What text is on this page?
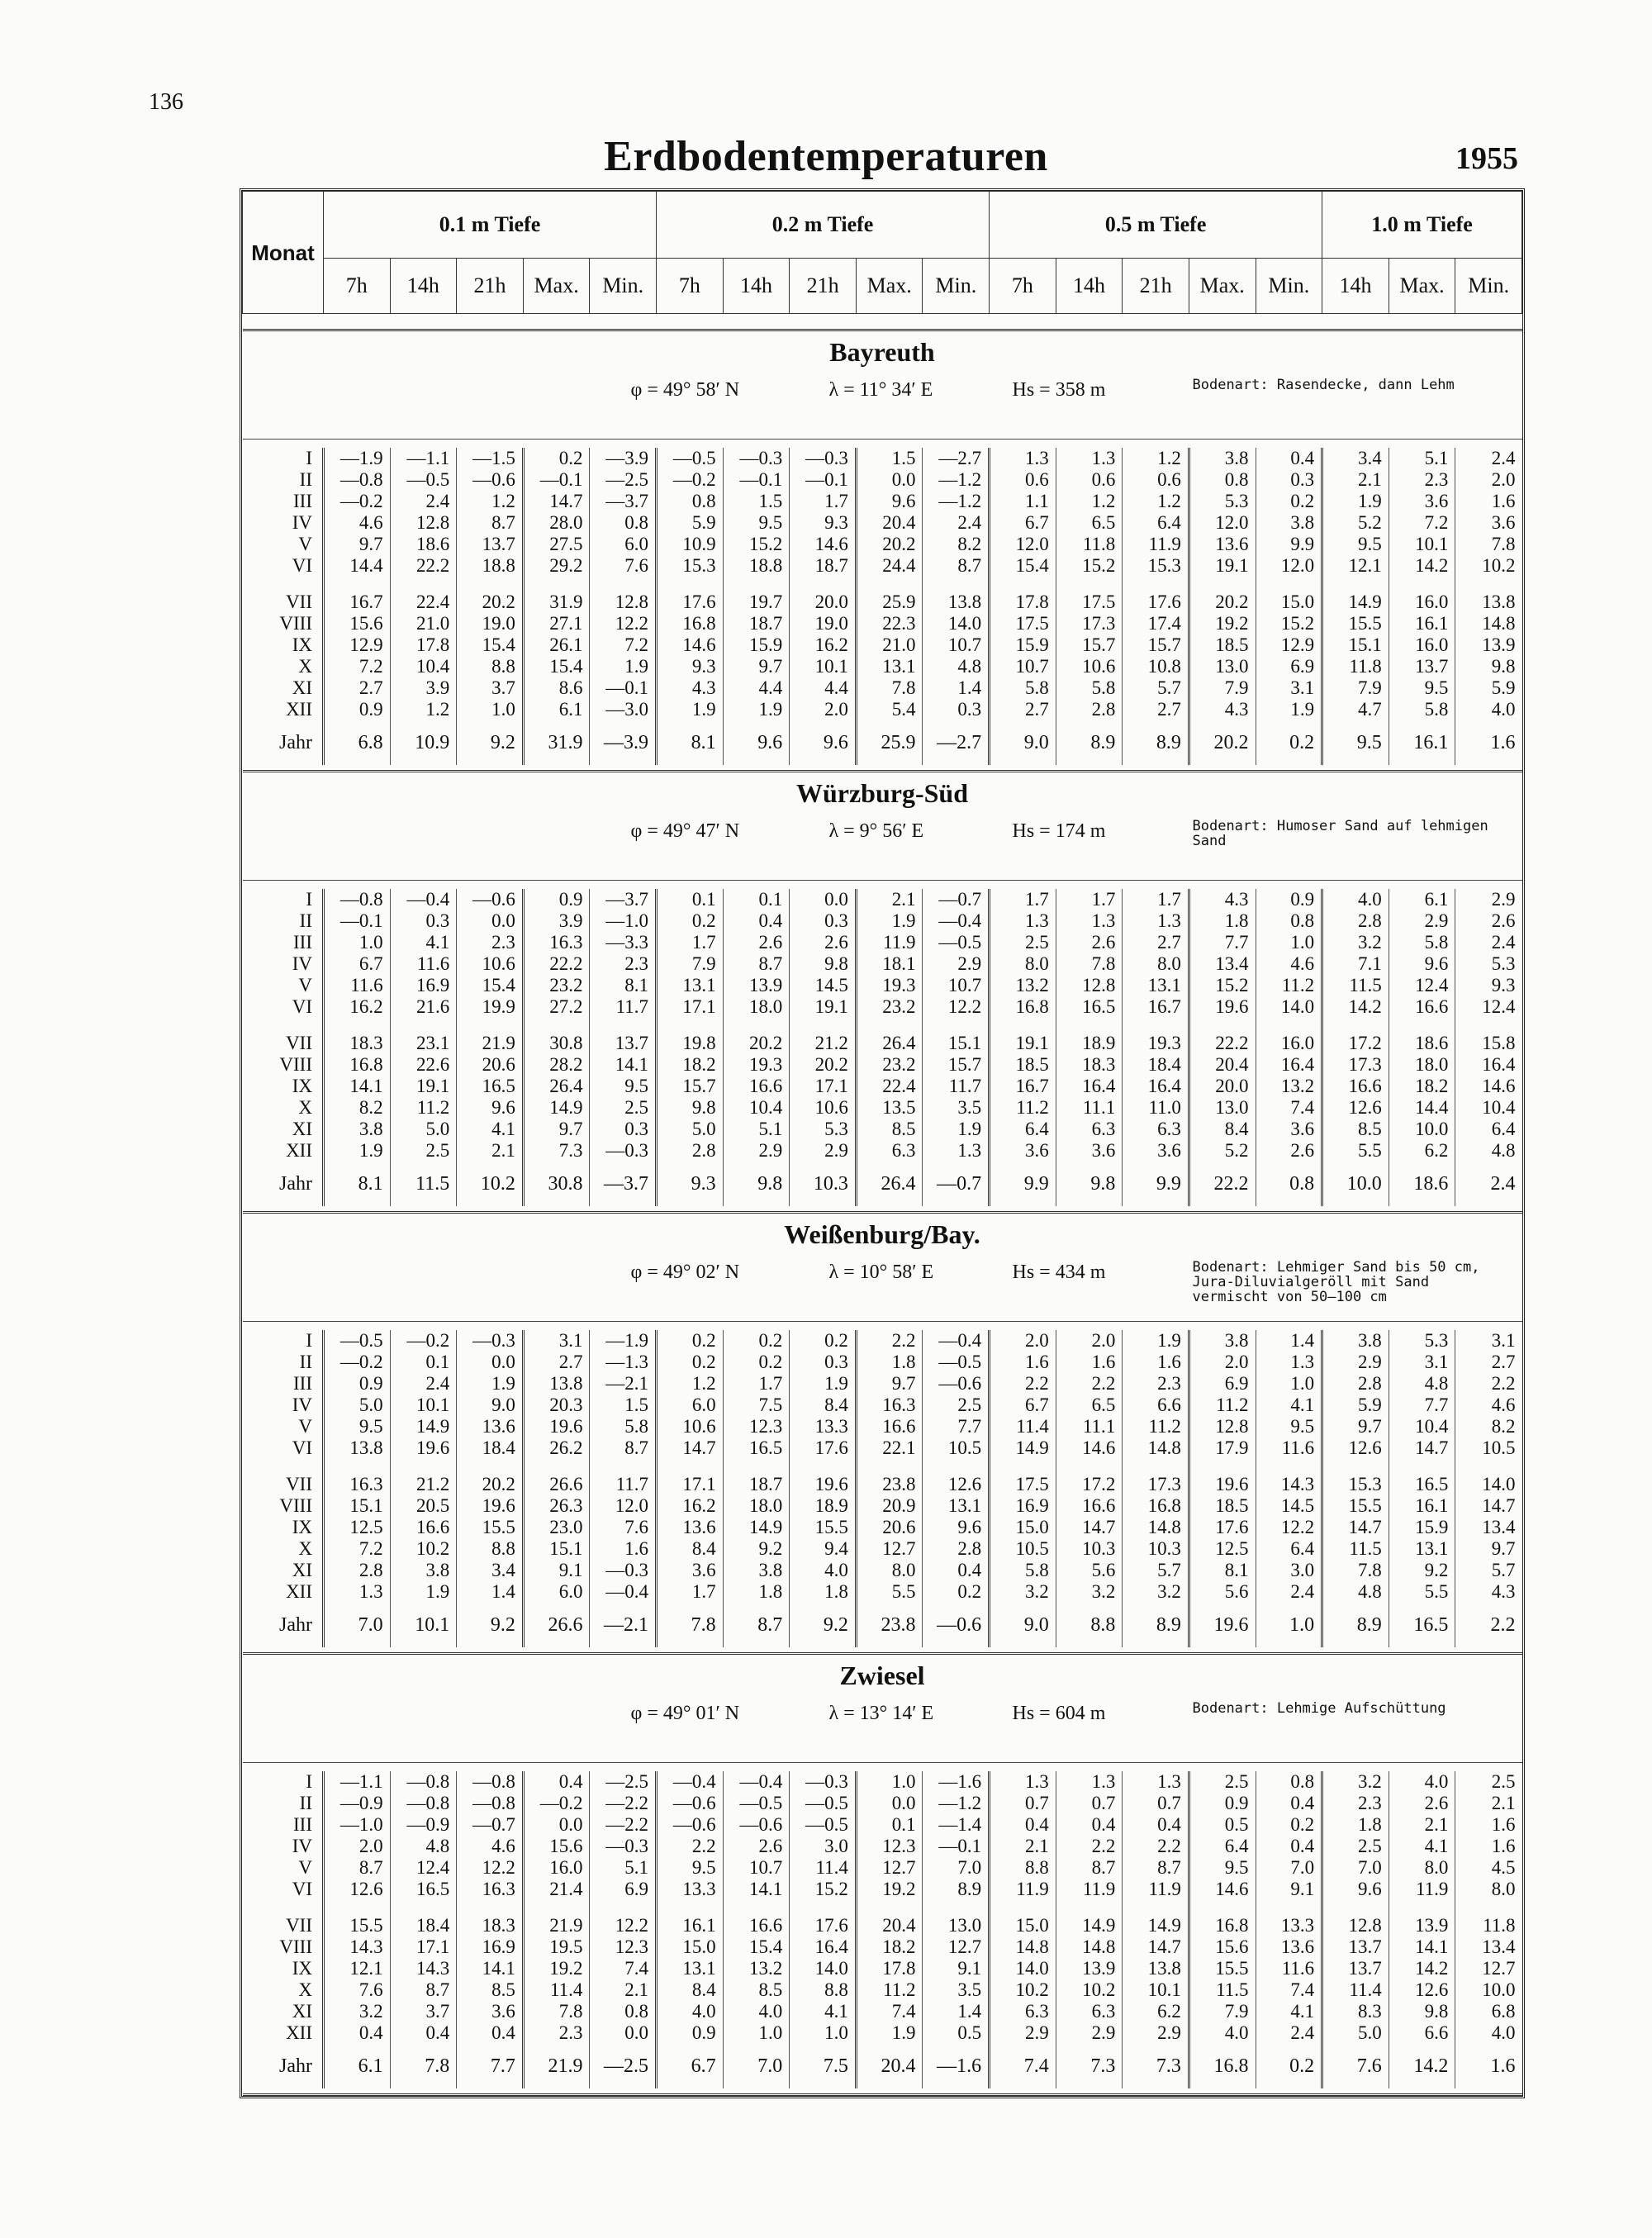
136
Erdbodentemperaturen	1955
Monat	0.1 m Tiefe					0.2 m Tiefe					0.5 m Tiefe					1.0 m Tiefe		
	7h	14h	21h	Max.	Min.	7h	14h	21h	Max.	Min.	7h	14h	21h	Max.	Min.	14h	Max.	Min.

Bayreuth
φ = 49° 58′ N λ = 11° 34′ E Hs = 358 m Bodenart: Rasendecke, dann Lehm																		

I	—1.9	—1.1	—1.5	0.2	—3.9	—0.5	—0.3	—0.3	1.5	—2.7	1.3	1.3	1.2	3.8	0.4	3.4	5.1	2.4
II	—0.8	—0.5	—0.6	—0.1	—2.5	—0.2	—0.1	—0.1	0.0	—1.2	0.6	0.6	0.6	0.8	0.3	2.1	2.3	2.0
III	—0.2	2.4	1.2	14.7	—3.7	0.8	1.5	1.7	9.6	—1.2	1.1	1.2	1.2	5.3	0.2	1.9	3.6	1.6
IV	4.6	12.8	8.7	28.0	0.8	5.9	9.5	9.3	20.4	2.4	6.7	6.5	6.4	12.0	3.8	5.2	7.2	3.6
V	9.7	18.6	13.7	27.5	6.0	10.9	15.2	14.6	20.2	8.2	12.0	11.8	11.9	13.6	9.9	9.5	10.1	7.8
VI	14.4	22.2	18.8	29.2	7.6	15.3	18.8	18.7	24.4	8.7	15.4	15.2	15.3	19.1	12.0	12.1	14.2	10.2
VII	16.7	22.4	20.2	31.9	12.8	17.6	19.7	20.0	25.9	13.8	17.8	17.5	17.6	20.2	15.0	14.9	16.0	13.8
VIII	15.6	21.0	19.0	27.1	12.2	16.8	18.7	19.0	22.3	14.0	17.5	17.3	17.4	19.2	15.2	15.5	16.1	14.8
IX	12.9	17.8	15.4	26.1	7.2	14.6	15.9	16.2	21.0	10.7	15.9	15.7	15.7	18.5	12.9	15.1	16.0	13.9
X	7.2	10.4	8.8	15.4	1.9	9.3	9.7	10.1	13.1	4.8	10.7	10.6	10.8	13.0	6.9	11.8	13.7	9.8
XI	2.7	3.9	3.7	8.6	—0.1	4.3	4.4	4.4	7.8	1.4	5.8	5.8	5.7	7.9	3.1	7.9	9.5	5.9
XII	0.9	1.2	1.0	6.1	—3.0	1.9	1.9	2.0	5.4	0.3	2.7	2.8	2.7	4.3	1.9	4.7	5.8	4.0
Jahr	6.8	10.9	9.2	31.9	—3.9	8.1	9.6	9.6	25.9	—2.7	9.0	8.9	8.9	20.2	0.2	9.5	16.1	1.6

Würzburg-Süd
φ = 49° 47′ N λ = 9° 56′ E Hs = 174 m Bodenart: Humoser Sand auf lehmigen Sand																		

I	—0.8	—0.4	—0.6	0.9	—3.7	0.1	0.1	0.0	2.1	—0.7	1.7	1.7	1.7	4.3	0.9	4.0	6.1	2.9
II	—0.1	0.3	0.0	3.9	—1.0	0.2	0.4	0.3	1.9	—0.4	1.3	1.3	1.3	1.8	0.8	2.8	2.9	2.6
III	1.0	4.1	2.3	16.3	—3.3	1.7	2.6	2.6	11.9	—0.5	2.5	2.6	2.7	7.7	1.0	3.2	5.8	2.4
IV	6.7	11.6	10.6	22.2	2.3	7.9	8.7	9.8	18.1	2.9	8.0	7.8	8.0	13.4	4.6	7.1	9.6	5.3
V	11.6	16.9	15.4	23.2	8.1	13.1	13.9	14.5	19.3	10.7	13.2	12.8	13.1	15.2	11.2	11.5	12.4	9.3
VI	16.2	21.6	19.9	27.2	11.7	17.1	18.0	19.1	23.2	12.2	16.8	16.5	16.7	19.6	14.0	14.2	16.6	12.4
VII	18.3	23.1	21.9	30.8	13.7	19.8	20.2	21.2	26.4	15.1	19.1	18.9	19.3	22.2	16.0	17.2	18.6	15.8
VIII	16.8	22.6	20.6	28.2	14.1	18.2	19.3	20.2	23.2	15.7	18.5	18.3	18.4	20.4	16.4	17.3	18.0	16.4
IX	14.1	19.1	16.5	26.4	9.5	15.7	16.6	17.1	22.4	11.7	16.7	16.4	16.4	20.0	13.2	16.6	18.2	14.6
X	8.2	11.2	9.6	14.9	2.5	9.8	10.4	10.6	13.5	3.5	11.2	11.1	11.0	13.0	7.4	12.6	14.4	10.4
XI	3.8	5.0	4.1	9.7	0.3	5.0	5.1	5.3	8.5	1.9	6.4	6.3	6.3	8.4	3.6	8.5	10.0	6.4
XII	1.9	2.5	2.1	7.3	—0.3	2.8	2.9	2.9	6.3	1.3	3.6	3.6	3.6	5.2	2.6	5.5	6.2	4.8
Jahr	8.1	11.5	10.2	30.8	—3.7	9.3	9.8	10.3	26.4	—0.7	9.9	9.8	9.9	22.2	0.8	10.0	18.6	2.4

Weißenburg/Bay.
φ = 49° 02′ N λ = 10° 58′ E Hs = 434 m Bodenart: Lehmiger Sand bis 50 cm, Jura-Diluvialgeröll mit Sand vermischt von 50—100 cm																		

I	—0.5	—0.2	—0.3	3.1	—1.9	0.2	0.2	0.2	2.2	—0.4	2.0	2.0	1.9	3.8	1.4	3.8	5.3	3.1
II	—0.2	0.1	0.0	2.7	—1.3	0.2	0.2	0.3	1.8	—0.5	1.6	1.6	1.6	2.0	1.3	2.9	3.1	2.7
III	0.9	2.4	1.9	13.8	—2.1	1.2	1.7	1.9	9.7	—0.6	2.2	2.2	2.3	6.9	1.0	2.8	4.8	2.2
IV	5.0	10.1	9.0	20.3	1.5	6.0	7.5	8.4	16.3	2.5	6.7	6.5	6.6	11.2	4.1	5.9	7.7	4.6
V	9.5	14.9	13.6	19.6	5.8	10.6	12.3	13.3	16.6	7.7	11.4	11.1	11.2	12.8	9.5	9.7	10.4	8.2
VI	13.8	19.6	18.4	26.2	8.7	14.7	16.5	17.6	22.1	10.5	14.9	14.6	14.8	17.9	11.6	12.6	14.7	10.5
VII	16.3	21.2	20.2	26.6	11.7	17.1	18.7	19.6	23.8	12.6	17.5	17.2	17.3	19.6	14.3	15.3	16.5	14.0
VIII	15.1	20.5	19.6	26.3	12.0	16.2	18.0	18.9	20.9	13.1	16.9	16.6	16.8	18.5	14.5	15.5	16.1	14.7
IX	12.5	16.6	15.5	23.0	7.6	13.6	14.9	15.5	20.6	9.6	15.0	14.7	14.8	17.6	12.2	14.7	15.9	13.4
X	7.2	10.2	8.8	15.1	1.6	8.4	9.2	9.4	12.7	2.8	10.5	10.3	10.3	12.5	6.4	11.5	13.1	9.7
XI	2.8	3.8	3.4	9.1	—0.3	3.6	3.8	4.0	8.0	0.4	5.8	5.6	5.7	8.1	3.0	7.8	9.2	5.7
XII	1.3	1.9	1.4	6.0	—0.4	1.7	1.8	1.8	5.5	0.2	3.2	3.2	3.2	5.6	2.4	4.8	5.5	4.3
Jahr	7.0	10.1	9.2	26.6	—2.1	7.8	8.7	9.2	23.8	—0.6	9.0	8.8	8.9	19.6	1.0	8.9	16.5	2.2

Zwiesel
φ = 49° 01′ N λ = 13° 14′ E Hs = 604 m Bodenart: Lehmige Aufschüttung																		

I	—1.1	—0.8	—0.8	0.4	—2.5	—0.4	—0.4	—0.3	1.0	—1.6	1.3	1.3	1.3	2.5	0.8	3.2	4.0	2.5
II	—0.9	—0.8	—0.8	—0.2	—2.2	—0.6	—0.5	—0.5	0.0	—1.2	0.7	0.7	0.7	0.9	0.4	2.3	2.6	2.1
III	—1.0	—0.9	—0.7	0.0	—2.2	—0.6	—0.6	—0.5	0.1	—1.4	0.4	0.4	0.4	0.5	0.2	1.8	2.1	1.6
IV	2.0	4.8	4.6	15.6	—0.3	2.2	2.6	3.0	12.3	—0.1	2.1	2.2	2.2	6.4	0.4	2.5	4.1	1.6
V	8.7	12.4	12.2	16.0	5.1	9.5	10.7	11.4	12.7	7.0	8.8	8.7	8.7	9.5	7.0	7.0	8.0	4.5
VI	12.6	16.5	16.3	21.4	6.9	13.3	14.1	15.2	19.2	8.9	11.9	11.9	11.9	14.6	9.1	9.6	11.9	8.0
VII	15.5	18.4	18.3	21.9	12.2	16.1	16.6	17.6	20.4	13.0	15.0	14.9	14.9	16.8	13.3	12.8	13.9	11.8
VIII	14.3	17.1	16.9	19.5	12.3	15.0	15.4	16.4	18.2	12.7	14.8	14.8	14.7	15.6	13.6	13.7	14.1	13.4
IX	12.1	14.3	14.1	19.2	7.4	13.1	13.2	14.0	17.8	9.1	14.0	13.9	13.8	15.5	11.6	13.7	14.2	12.7
X	7.6	8.7	8.5	11.4	2.1	8.4	8.5	8.8	11.2	3.5	10.2	10.2	10.1	11.5	7.4	11.4	12.6	10.0
XI	3.2	3.7	3.6	7.8	0.8	4.0	4.0	4.1	7.4	1.4	6.3	6.3	6.2	7.9	4.1	8.3	9.8	6.8
XII	0.4	0.4	0.4	2.3	0.0	0.9	1.0	1.0	1.9	0.5	2.9	2.9	2.9	4.0	2.4	5.0	6.6	4.0
Jahr	6.1	7.8	7.7	21.9	—2.5	6.7	7.0	7.5	20.4	—1.6	7.4	7.3	7.3	16.8	0.2	7.6	14.2	1.6
